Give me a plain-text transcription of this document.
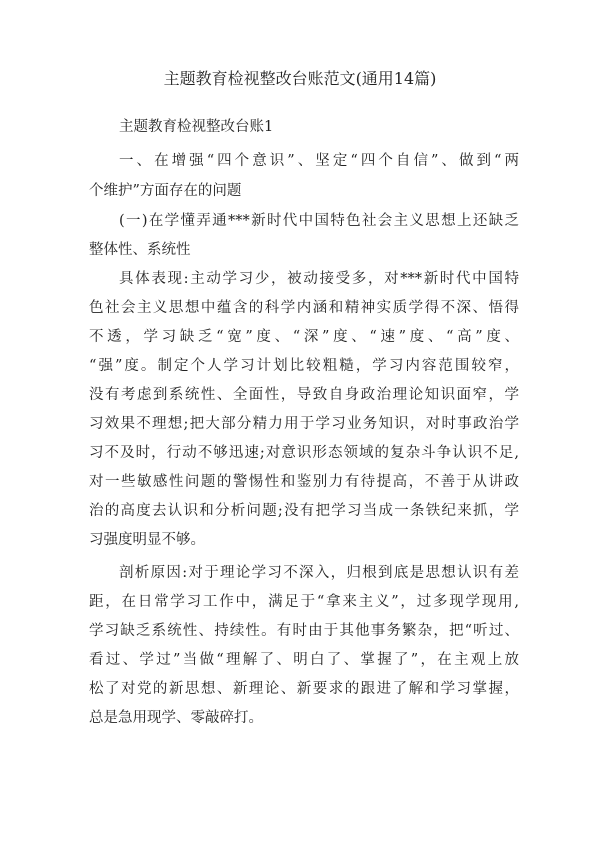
主题教育检视整改台账范文(通用14篇)
主题教育检视整改台账1
一、在增强“四个意识”、坚定“四个自信”、做到“两
个维护”方面存在的问题
(一)在学懂弄通***新时代中国特色社会主义思想上还缺乏
整体性、系统性
具体表现:主动学习少，被动接受多，对***新时代中国特
色社会主义思想中蕴含的科学内涵和精神实质学得不深、悟得
不透，学习缺乏“宽”度、“深”度、“速”度、“高”度、
“强”度。制定个人学习计划比较粗糙，学习内容范围较窄，
没有考虑到系统性、全面性，导致自身政治理论知识面窄，学
习效果不理想;把大部分精力用于学习业务知识，对时事政治学
习不及时，行动不够迅速;对意识形态领域的复杂斗争认识不足,
对一些敏感性问题的警惕性和鉴别力有待提高，不善于从讲政
治的高度去认识和分析问题;没有把学习当成一条铁纪来抓，学
习强度明显不够。
剖析原因:对于理论学习不深入，归根到底是思想认识有差
距，在日常学习工作中，满足于“拿来主义”，过多现学现用,
学习缺乏系统性、持续性。有时由于其他事务繁杂，把“听过、
看过、学过”当做“理解了、明白了、掌握了”，在主观上放
松了对党的新思想、新理论、新要求的跟进了解和学习掌握，
总是急用现学、零敲碎打。
